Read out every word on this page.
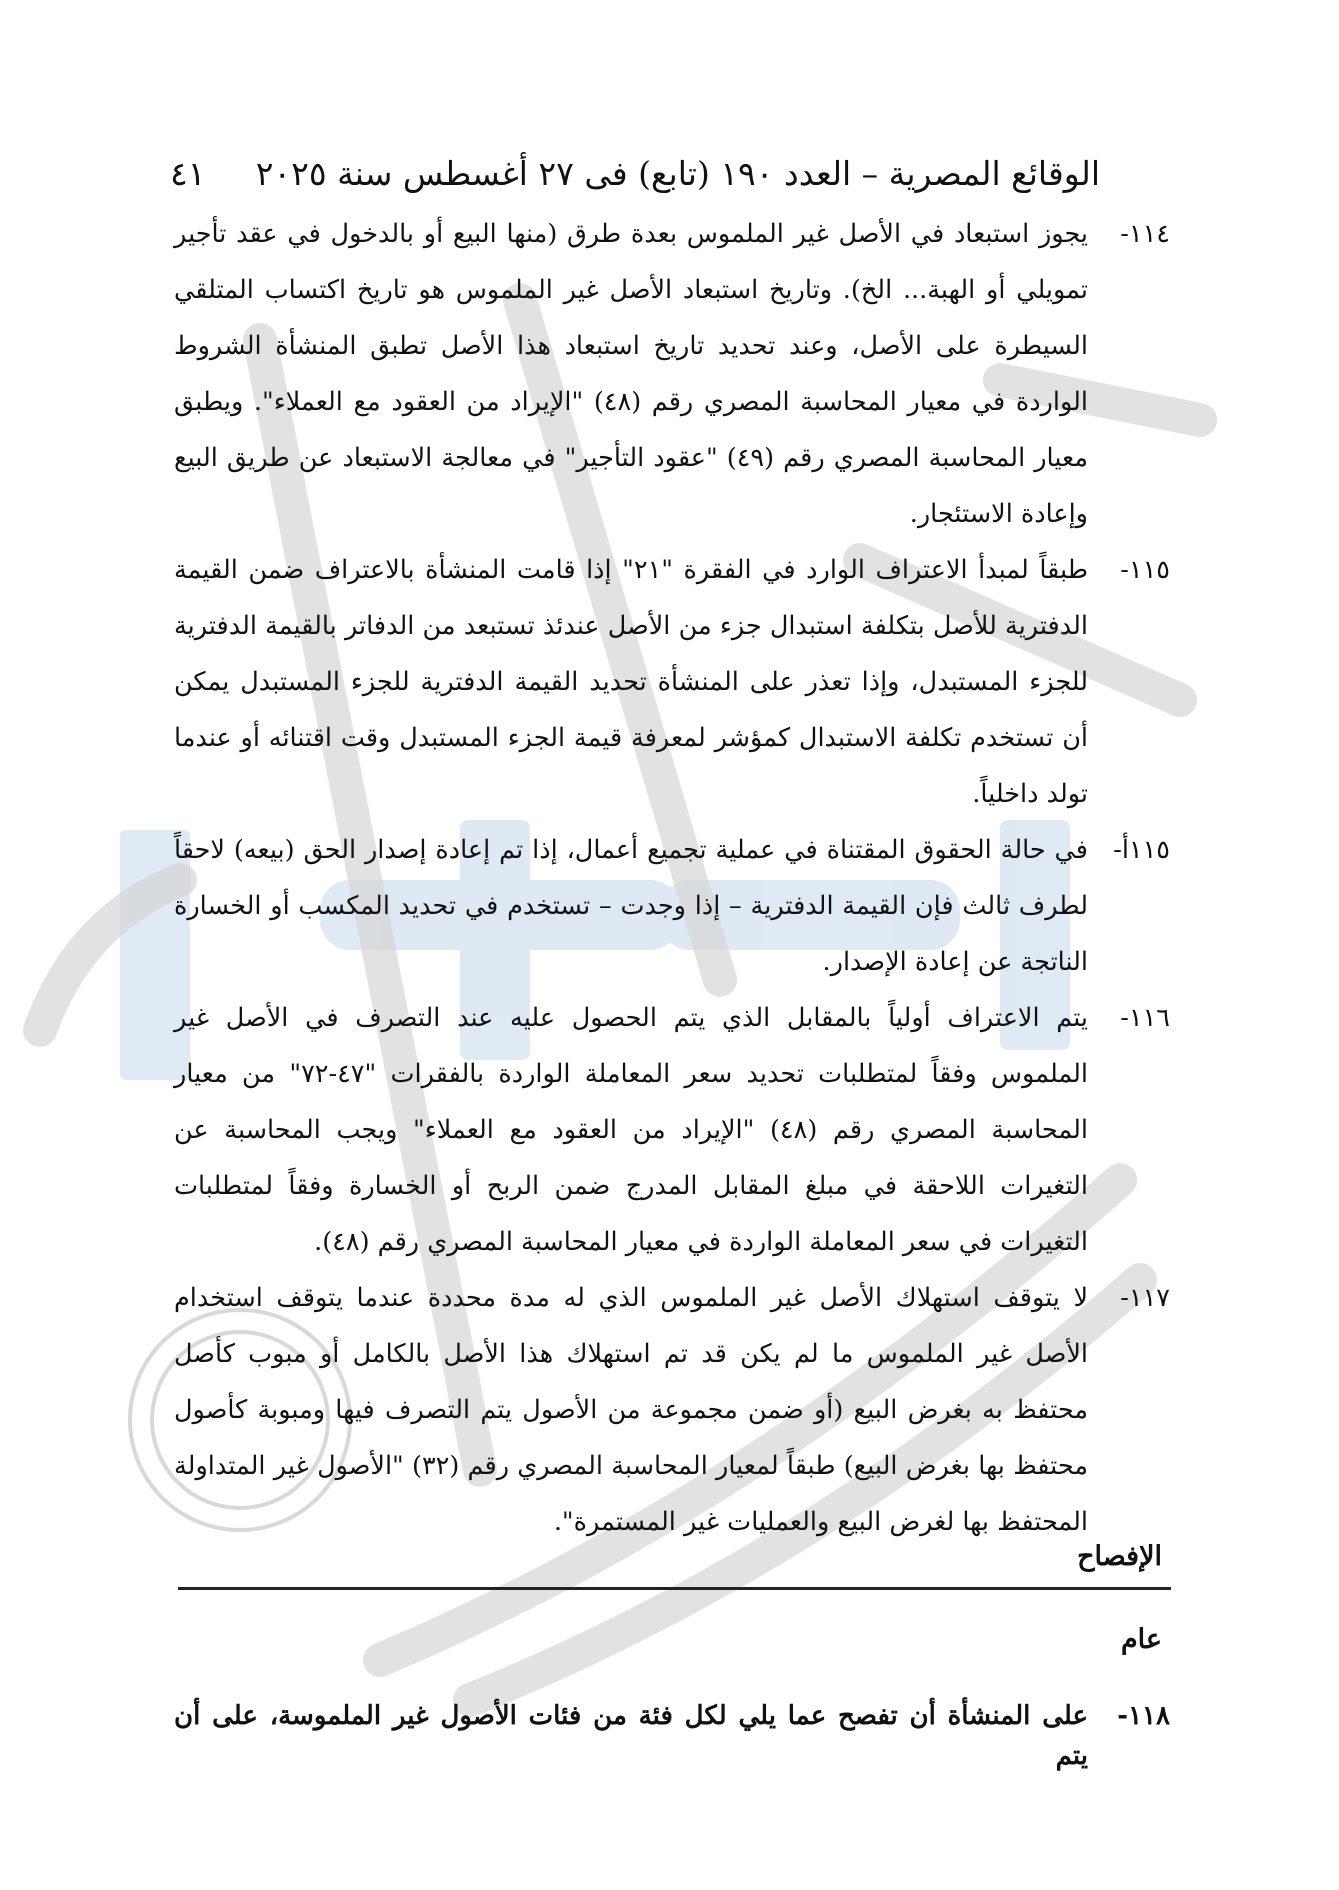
الوقائع المصرية – العدد ١٩٠ (تابع) فى ٢٧ أغسطس سنة ٢٠٢٥
٤١
١١٤-
يجوز استبعاد في الأصل غير الملموس بعدة طرق (منها البيع أو بالدخول في عقد تأجير تمويلي أو الهبة... الخ). وتاريخ استبعاد الأصل غير الملموس هو تاريخ اكتساب المتلقي السيطرة على الأصل، وعند تحديد تاريخ استبعاد هذا الأصل تطبق المنشأة الشروط الواردة في معيار المحاسبة المصري رقم (٤٨) "الإيراد من العقود مع العملاء". ويطبق معيار المحاسبة المصري رقم (٤٩) "عقود التأجير" في معالجة الاستبعاد عن طريق البيع وإعادة الاستئجار.
١١٥-
طبقاً لمبدأ الاعتراف الوارد في الفقرة "٢١" إذا قامت المنشأة بالاعتراف ضمن القيمة الدفترية للأصل بتكلفة استبدال جزء من الأصل عندئذ تستبعد من الدفاتر بالقيمة الدفترية للجزء المستبدل، وإذا تعذر على المنشأة تحديد القيمة الدفترية للجزء المستبدل يمكن أن تستخدم تكلفة الاستبدال كمؤشر لمعرفة قيمة الجزء المستبدل وقت اقتنائه أو عندما تولد داخلياً.
١١٥أ-
في حالة الحقوق المقتناة في عملية تجميع أعمال، إذا تم إعادة إصدار الحق (بيعه) لاحقاً لطرف ثالث فإن القيمة الدفترية – إذا وجدت – تستخدم في تحديد المكسب أو الخسارة الناتجة عن إعادة الإصدار.
١١٦-
يتم الاعتراف أولياً بالمقابل الذي يتم الحصول عليه عند التصرف في الأصل غير الملموس وفقاً لمتطلبات تحديد سعر المعاملة الواردة بالفقرات "٤٧-٧٢" من معيار المحاسبة المصري رقم (٤٨) "الإيراد من العقود مع العملاء" ويجب المحاسبة عن التغيرات اللاحقة في مبلغ المقابل المدرج ضمن الربح أو الخسارة وفقاً لمتطلبات التغيرات في سعر المعاملة الواردة في معيار المحاسبة المصري رقم (٤٨).
١١٧-
لا يتوقف استهلاك الأصل غير الملموس الذي له مدة محددة عندما يتوقف استخدام الأصل غير الملموس ما لم يكن قد تم استهلاك هذا الأصل بالكامل أو مبوب كأصل محتفظ به بغرض البيع (أو ضمن مجموعة من الأصول يتم التصرف فيها ومبوبة كأصول محتفظ بها بغرض البيع) طبقاً لمعيار المحاسبة المصري رقم (٣٢) "الأصول غير المتداولة المحتفظ بها لغرض البيع والعمليات غير المستمرة".
الإفصاح
عام
١١٨-
على المنشأة أن تفصح عما يلي لكل فئة من فئات الأصول غير الملموسة، على أن يتم
